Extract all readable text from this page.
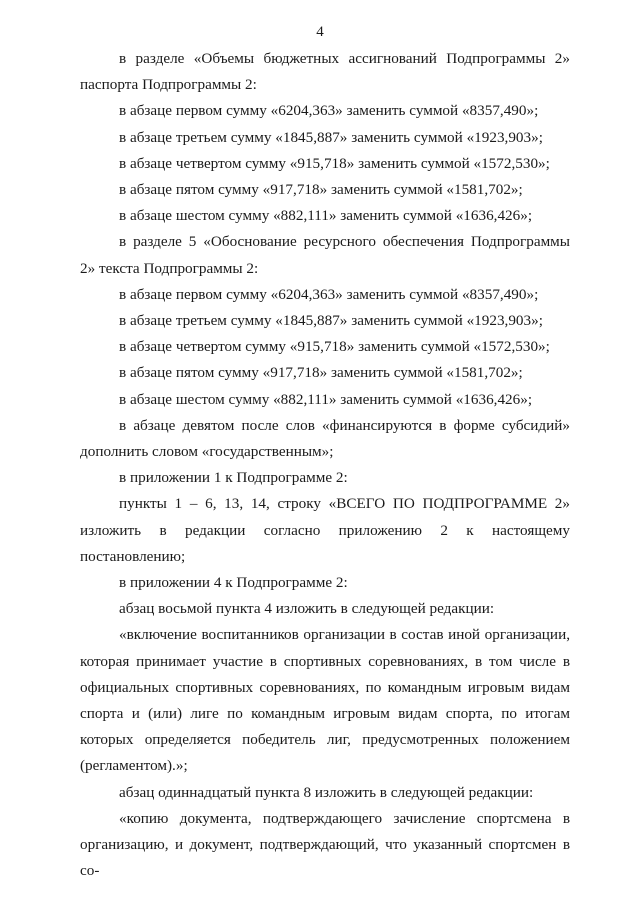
4

в разделе «Объемы бюджетных ассигнований Подпрограммы 2» паспорта Подпрограммы 2:

в абзаце первом сумму «6204,363» заменить суммой «8357,490»;

в абзаце третьем сумму «1845,887» заменить суммой «1923,903»;

в абзаце четвертом сумму «915,718» заменить суммой «1572,530»;

в абзаце пятом сумму «917,718» заменить суммой «1581,702»;

в абзаце шестом сумму «882,111» заменить суммой «1636,426»;

в разделе 5 «Обоснование ресурсного обеспечения Подпрограммы 2» текста Подпрограммы 2:

в абзаце первом сумму «6204,363» заменить суммой «8357,490»;

в абзаце третьем сумму «1845,887» заменить суммой «1923,903»;

в абзаце четвертом сумму «915,718» заменить суммой «1572,530»;

в абзаце пятом сумму «917,718» заменить суммой «1581,702»;

в абзаце шестом сумму «882,111» заменить суммой «1636,426»;

в абзаце девятом после слов «финансируются в форме субсидий» дополнить словом «государственным»;

в приложении 1 к Подпрограмме 2:

пункты 1 – 6, 13, 14, строку «ВСЕГО ПО ПОДПРОГРАММЕ 2» изложить в редакции согласно приложению 2 к настоящему постановлению;

в приложении 4 к Подпрограмме 2:

абзац восьмой пункта 4 изложить в следующей редакции:

«включение воспитанников организации в состав иной организации, которая принимает участие в спортивных соревнованиях, в том числе в официальных спортивных соревнованиях, по командным игровым видам спорта и (или) лиге по командным игровым видам спорта, по итогам которых определяется победитель лиг, предусмотренных положением (регламентом).»;

абзац одиннадцатый пункта 8 изложить в следующей редакции:

«копию документа, подтверждающего зачисление спортсмена в организацию, и документ, подтверждающий, что указанный спортсмен в со-
